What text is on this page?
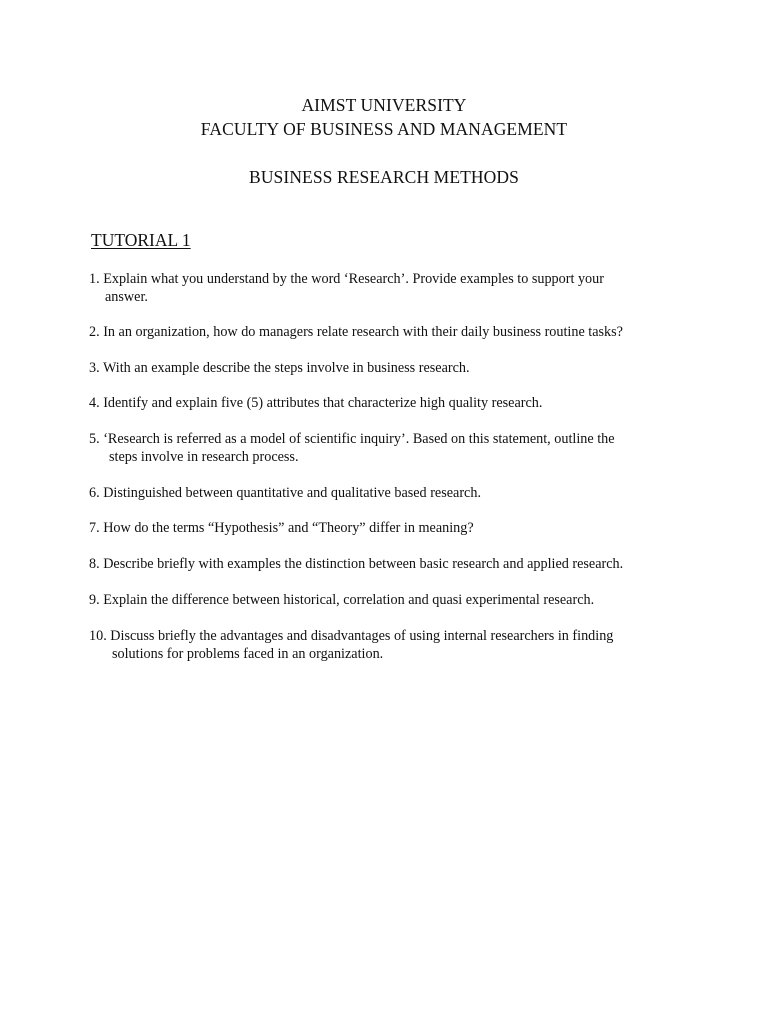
AIMST UNIVERSITY
FACULTY OF BUSINESS AND MANAGEMENT
BUSINESS RESEARCH METHODS
TUTORIAL 1
1. Explain what you understand by the word ‘Research’. Provide examples to support your
answer.
2. In an organization, how do managers relate research with their daily business routine tasks?
3. With an example describe the steps involve in business research.
4. Identify and explain five (5) attributes that characterize high quality research.
5. ‘Research is referred as a model of scientific inquiry’. Based on this statement, outline the
steps involve in research process.
6. Distinguished between quantitative and qualitative based research.
7. How do the terms “Hypothesis” and “Theory” differ in meaning?
8. Describe briefly with examples the distinction between basic research and applied research.
9. Explain the difference between historical, correlation and quasi experimental research.
10. Discuss briefly the advantages and disadvantages of using internal researchers in finding
solutions for problems faced in an organization.
